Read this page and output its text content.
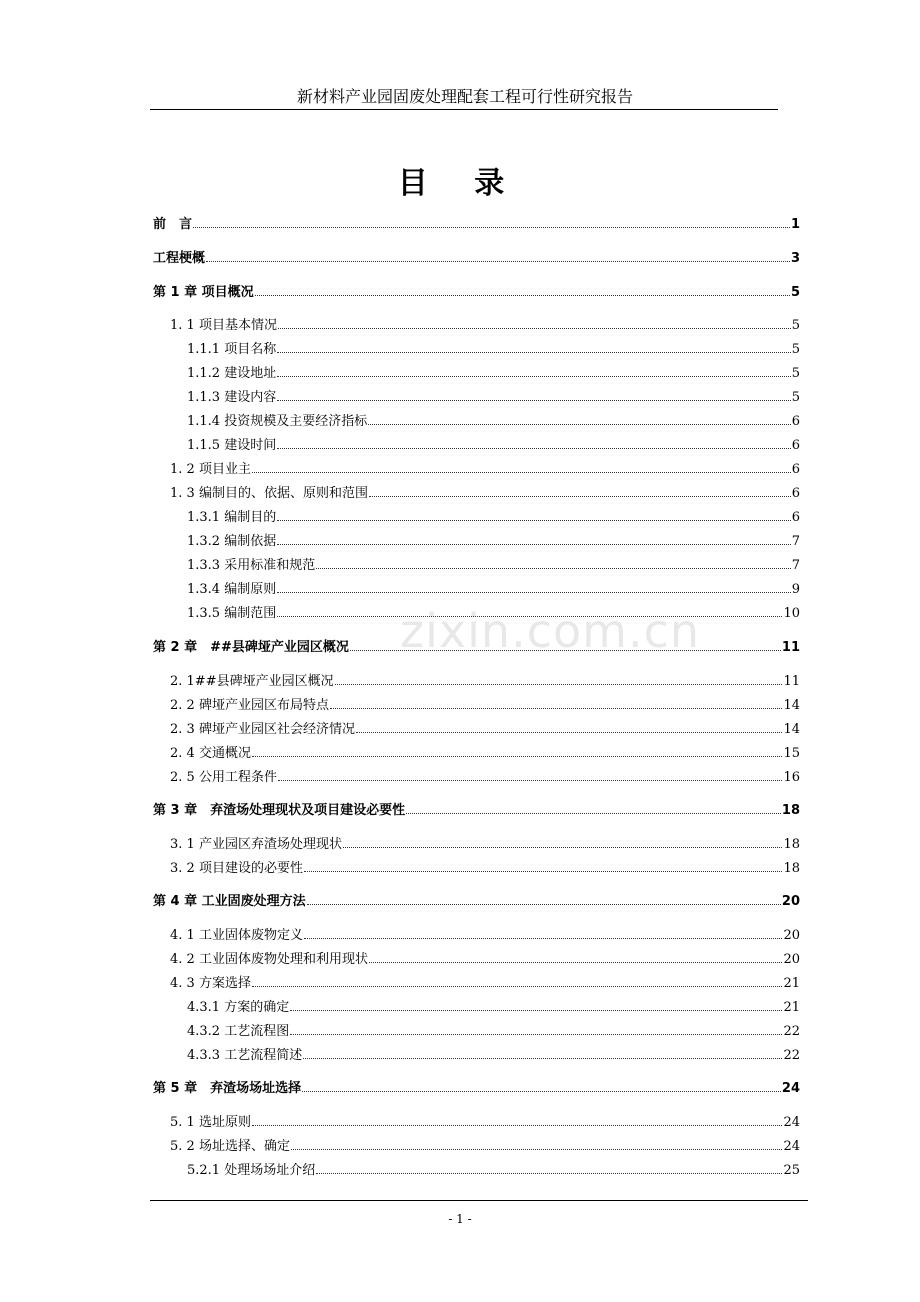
新材料产业园固废处理配套工程可行性研究报告
目 录
zixin.com.cn
前　言	1
工程梗概	3
第 1 章 项目概况	5
1. 1 项目基本情况	5
1.1.1 项目名称	5
1.1.2 建设地址	5
1.1.3 建设内容	5
1.1.4 投资规模及主要经济指标	6
1.1.5 建设时间	6
1. 2 项目业主	6
1. 3 编制目的、依据、原则和范围	6
1.3.1 编制目的	6
1.3.2 编制依据	7
1.3.3 采用标准和规范	7
1.3.4 编制原则	9
1.3.5 编制范围	10
第 2 章　##县碑垭产业园区概况	11
2. 1##县碑垭产业园区概况	11
2. 2 碑垭产业园区布局特点	14
2. 3 碑垭产业园区社会经济情况	14
2. 4 交通概况	15
2. 5 公用工程条件	16
第 3 章　弃渣场处理现状及项目建设必要性	18
3. 1 产业园区弃渣场处理现状	18
3. 2 项目建设的必要性	18
第 4 章 工业固废处理方法	20
4. 1 工业固体废物定义	20
4. 2 工业固体废物处理和利用现状	20
4. 3 方案选择	21
4.3.1 方案的确定	21
4.3.2 工艺流程图	22
4.3.3 工艺流程简述	22
第 5 章　弃渣场场址选择	24
5. 1 选址原则	24
5. 2 场址选择、确定	24
5.2.1 处理场场址介绍	25
- 1 -
